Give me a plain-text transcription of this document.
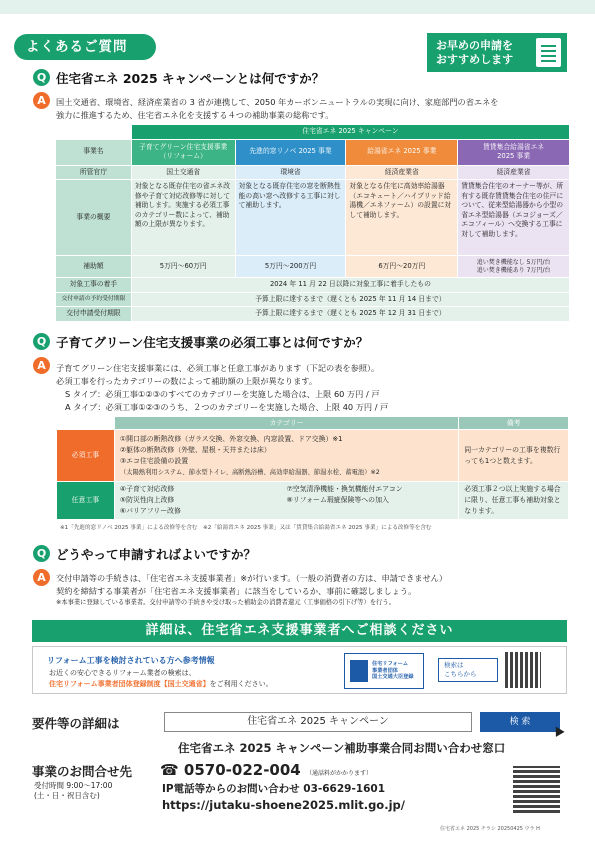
よくあるご質問	お早めの申請を
おすすめします
Q 住宅省エネ 2025 キャンペーンとは何ですか？
A	国土交通省、環境省、経済産業省の 3 省が連携して、2050 年カーボンニュートラルの実現に向け、家庭部門の省エネを
強力に推進するため、住宅省エネ化を支援する４つの補助事業の総称です。
	住宅省エネ 2025 キャンペーン			
事業名	子育てグリーン住宅支援事業
（リフォーム）	先進的窓リノベ 2025 事業	給湯省エネ 2025 事業	賃貸集合給湯省エネ
2025 事業
所管官庁	国土交通省	環境省	経済産業省	経済産業省
事業の概要	対象となる既存住宅の省エネ改修や子育て対応改修等に対して補助します。実施する必須工事のカテゴリー数によって、補助額の上限が異なります。	対象となる既存住宅の窓を断熱性能の高い窓へ改修する工事に対して補助します。	対象となる住宅に高効率給湯器（エコキュート／ハイブリッド給湯機／エネファーム）の設置に対して補助します。	賃貸集合住宅のオーナー等が、所有する既存賃貸集合住宅の住戸について、従来型給湯器から小型の省エネ型給湯器（エコジョーズ／エコフィール）へ交換する工事に対して補助します。
補助額	5万円〜60万円	5万円〜200万円	6万円〜20万円	追い焚き機能なし 5万円/台
追い焚き機能あり 7万円/台

対象工事の着手	2024 年 11 月 22 日以降に対象工事に着手したもの			
交付申請の予約受付期限	予算上限に達するまで（遅くとも 2025 年 11 月 14 日まで）			
交付申請受付期限	予算上限に達するまで（遅くとも 2025 年 12 月 31 日まで）			
Q 子育てグリーン住宅支援事業の必須工事とは何ですか？
A	子育てグリーン住宅支援事業には、必須工事と任意工事があります（下記の表を参照）。
必須工事を行ったカテゴリーの数によって補助額の上限が異なります。
S タイプ：必須工事①②③のすべてのカテゴリーを実施した場合は、上限 60 万円 / 戸
A タイプ：必須工事①②③のうち、２つのカテゴリーを実施した場合、上限 40 万円 / 戸
	カテゴリー	備考
必須工事	①開口部の断熱改修（ガラス交換、外窓交換、内窓設置、ドア交換）※1
②躯体の断熱改修（外壁、屋根・天井または床）
③エコ住宅設備の設置
（太陽熱利用システム、節水型トイレ、高断熱浴槽、高効率給湯器、節湯水栓、蓄電池）※2	同一カテゴリーの工事を複数行っても1つと数えます。
任意工事	④子育て対応改修
⑤防災性向上改修
⑥バリアフリー改修
⑦空気清浄機能・換気機能付エアコン
⑧リフォーム瑕疵保険等への加入	必須工事２つ以上実施する場合に限り、任意工事も補助対象となります。
※1「先進的窓リノベ 2025 事業」による改修等を含む　※2「給湯省エネ 2025 事業」又は「賃貸集合給湯省エネ 2025 事業」による改修等を含む
Q どうやって申請すればよいですか？
A	交付申請等の手続きは、「住宅省エネ支援事業者」※が行います。（一般の消費者の方は、申請できません）
契約を締結する事業者が「住宅省エネ支援事業者」に該当をしているか、事前に確認しましょう。
※本事業に登録している事業者。交付申請等の手続きや受け取った補助金の消費者還元（工事価格の引下げ等）を行う。
詳細は、住宅省エネ支援事業者へご相談ください
リフォーム工事を検討されている方へ参考情報
お近くの安心できるリフォーム業者の検索は、
住宅リフォーム事業者団体登録制度【国土交通省】をご利用ください。
住宅リフォーム
事業者団体
国土交通大臣登録
検索は
こちらから
要件等の詳細は	住宅省エネ 2025 キャンペーン	検 索
住宅省エネ 2025 キャンペーン補助事業合同お問い合わせ窓口
事業のお問合せ先
受付時間 9:00〜17:00
(土・日・祝日含む)
☎ 0570-022-004 （通話料がかかります）
IP電話等からのお問い合わせ 03-6629-1601
https://jutaku-shoene2025.mlit.go.jp/
住宅省エネ 2025 チラシ 20250425 ウラ H
